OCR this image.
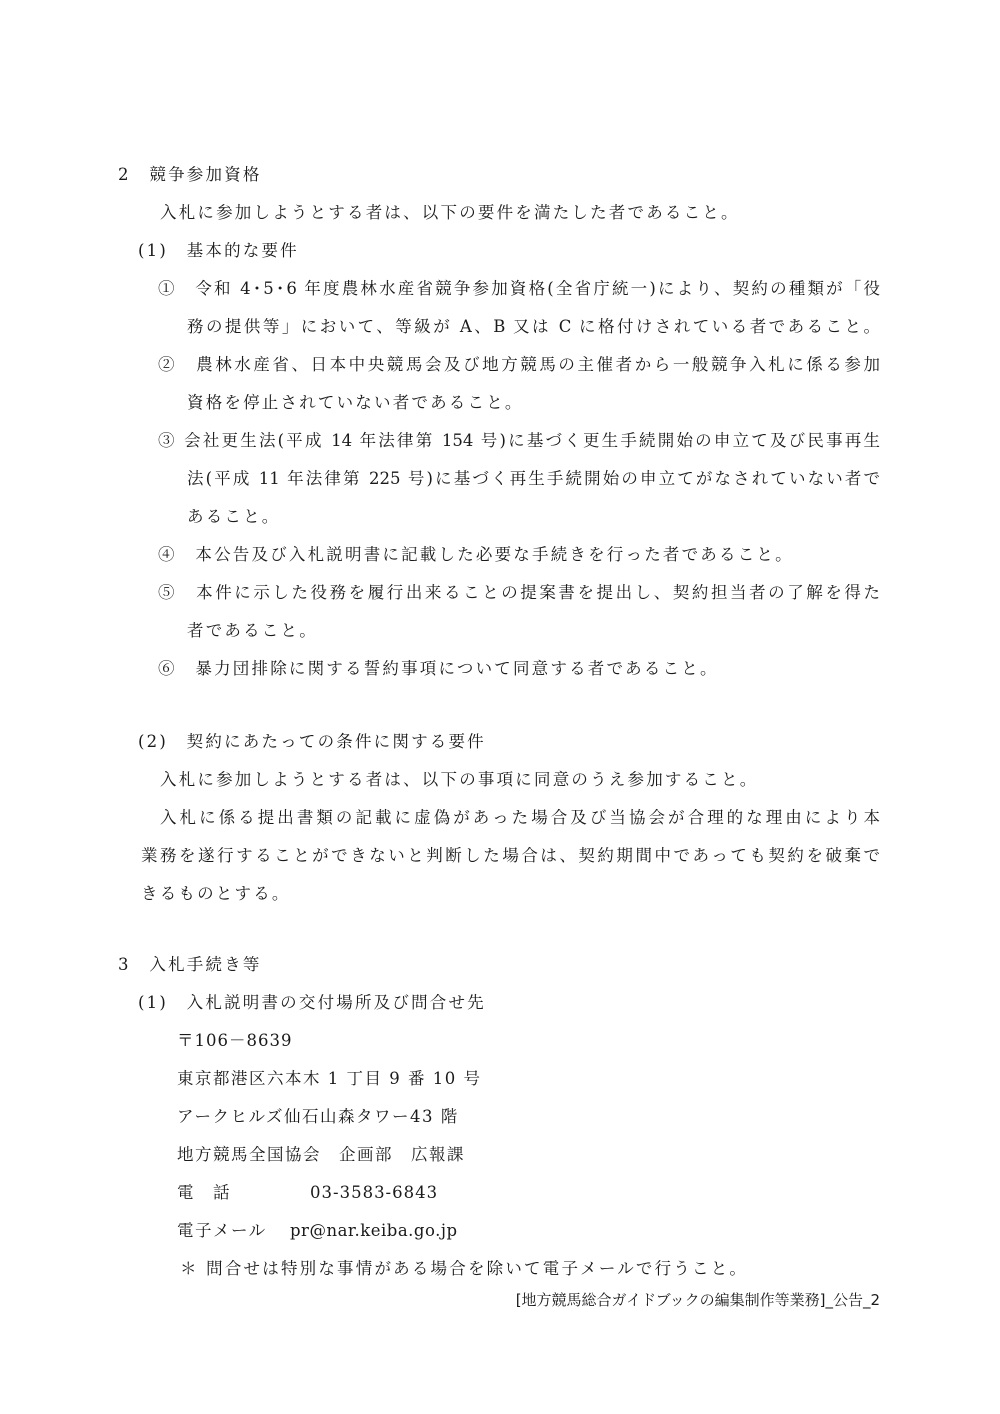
2　競争参加資格
入札に参加しようとする者は、以下の要件を満たした者であること。
(1)　基本的な要件
①　令和 4･5･6 年度農林水産省競争参加資格(全省庁統一)により、契約の種類が「役
務の提供等」において、等級が A、B 又は C に格付けされている者であること。
②　農林水産省、日本中央競馬会及び地方競馬の主催者から一般競争入札に係る参加
資格を停止されていない者であること。
③ 会社更生法(平成 14 年法律第 154 号)に基づく更生手続開始の申立て及び民事再生
法(平成 11 年法律第 225 号)に基づく再生手続開始の申立てがなされていない者で
あること。
④　本公告及び入札説明書に記載した必要な手続きを行った者であること。
⑤　本件に示した役務を履行出来ることの提案書を提出し、契約担当者の了解を得た
者であること。
⑥　暴力団排除に関する誓約事項について同意する者であること。
(2)　契約にあたっての条件に関する要件
入札に参加しようとする者は、以下の事項に同意のうえ参加すること。
入札に係る提出書類の記載に虚偽があった場合及び当協会が合理的な理由により本
業務を遂行することができないと判断した場合は、契約期間中であっても契約を破棄で
きるものとする。
3　入札手続き等
(1)　入札説明書の交付場所及び問合せ先
〒106－8639
東京都港区六本木 1 丁目 9 番 10 号
アークヒルズ仙石山森タワー43 階
地方競馬全国協会　企画部　広報課
電　話	03-3583-6843
電子メール pr@nar.keiba.go.jp
＊ 問合せは特別な事情がある場合を除いて電子メールで行うこと。
[地方競馬総合ガイドブックの編集制作等業務]_公告_2
